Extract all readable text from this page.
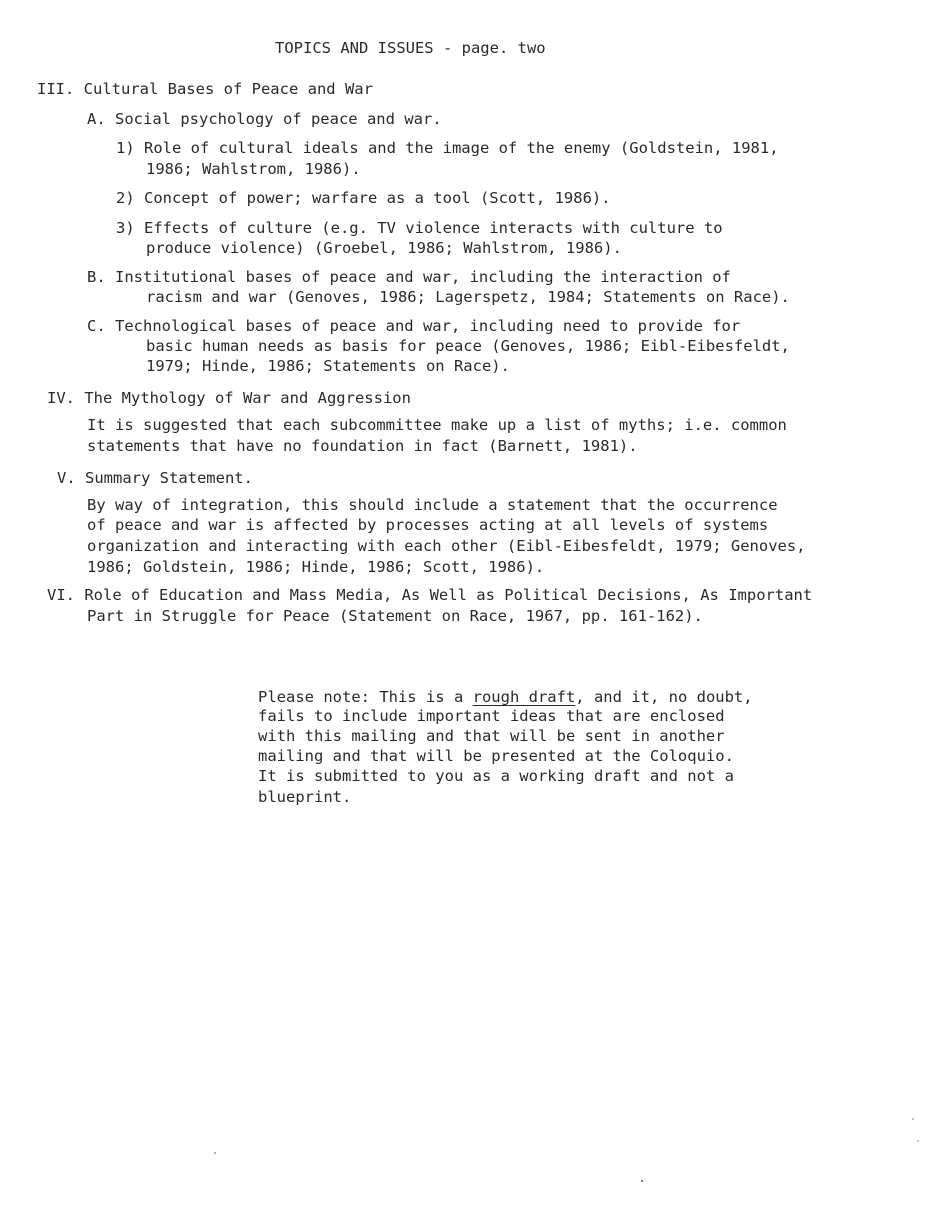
TOPICS AND ISSUES - page. two
III. Cultural Bases of Peace and War
A. Social psychology of peace and war.
1) Role of cultural ideals and the image of the enemy (Goldstein, 1981,
1986; Wahlstrom, 1986).
2) Concept of power; warfare as a tool (Scott, 1986).
3) Effects of culture (e.g. TV violence interacts with culture to
produce violence) (Groebel, 1986; Wahlstrom, 1986).
B. Institutional bases of peace and war, including the interaction of
racism and war (Genoves, 1986; Lagerspetz, 1984; Statements on Race).
C. Technological bases of peace and war, including need to provide for
basic human needs as basis for peace (Genoves, 1986; Eibl-Eibesfeldt,
1979; Hinde, 1986; Statements on Race).
IV. The Mythology of War and Aggression
It is suggested that each subcommittee make up a list of myths; i.e. common
statements that have no foundation in fact (Barnett, 1981).
V. Summary Statement.
By way of integration, this should include a statement that the occurrence
of peace and war is affected by processes acting at all levels of systems
organization and interacting with each other (Eibl-Eibesfeldt, 1979; Genoves,
1986; Goldstein, 1986; Hinde, 1986; Scott, 1986).
VI. Role of Education and Mass Media, As Well as Political Decisions, As Important
Part in Struggle for Peace (Statement on Race, 1967, pp. 161-162).
Please note: This is a rough draft, and it, no doubt,
fails to include important ideas that are enclosed
with this mailing and that will be sent in another
mailing and that will be presented at the Coloquio.
It is submitted to you as a working draft and not a
blueprint.
